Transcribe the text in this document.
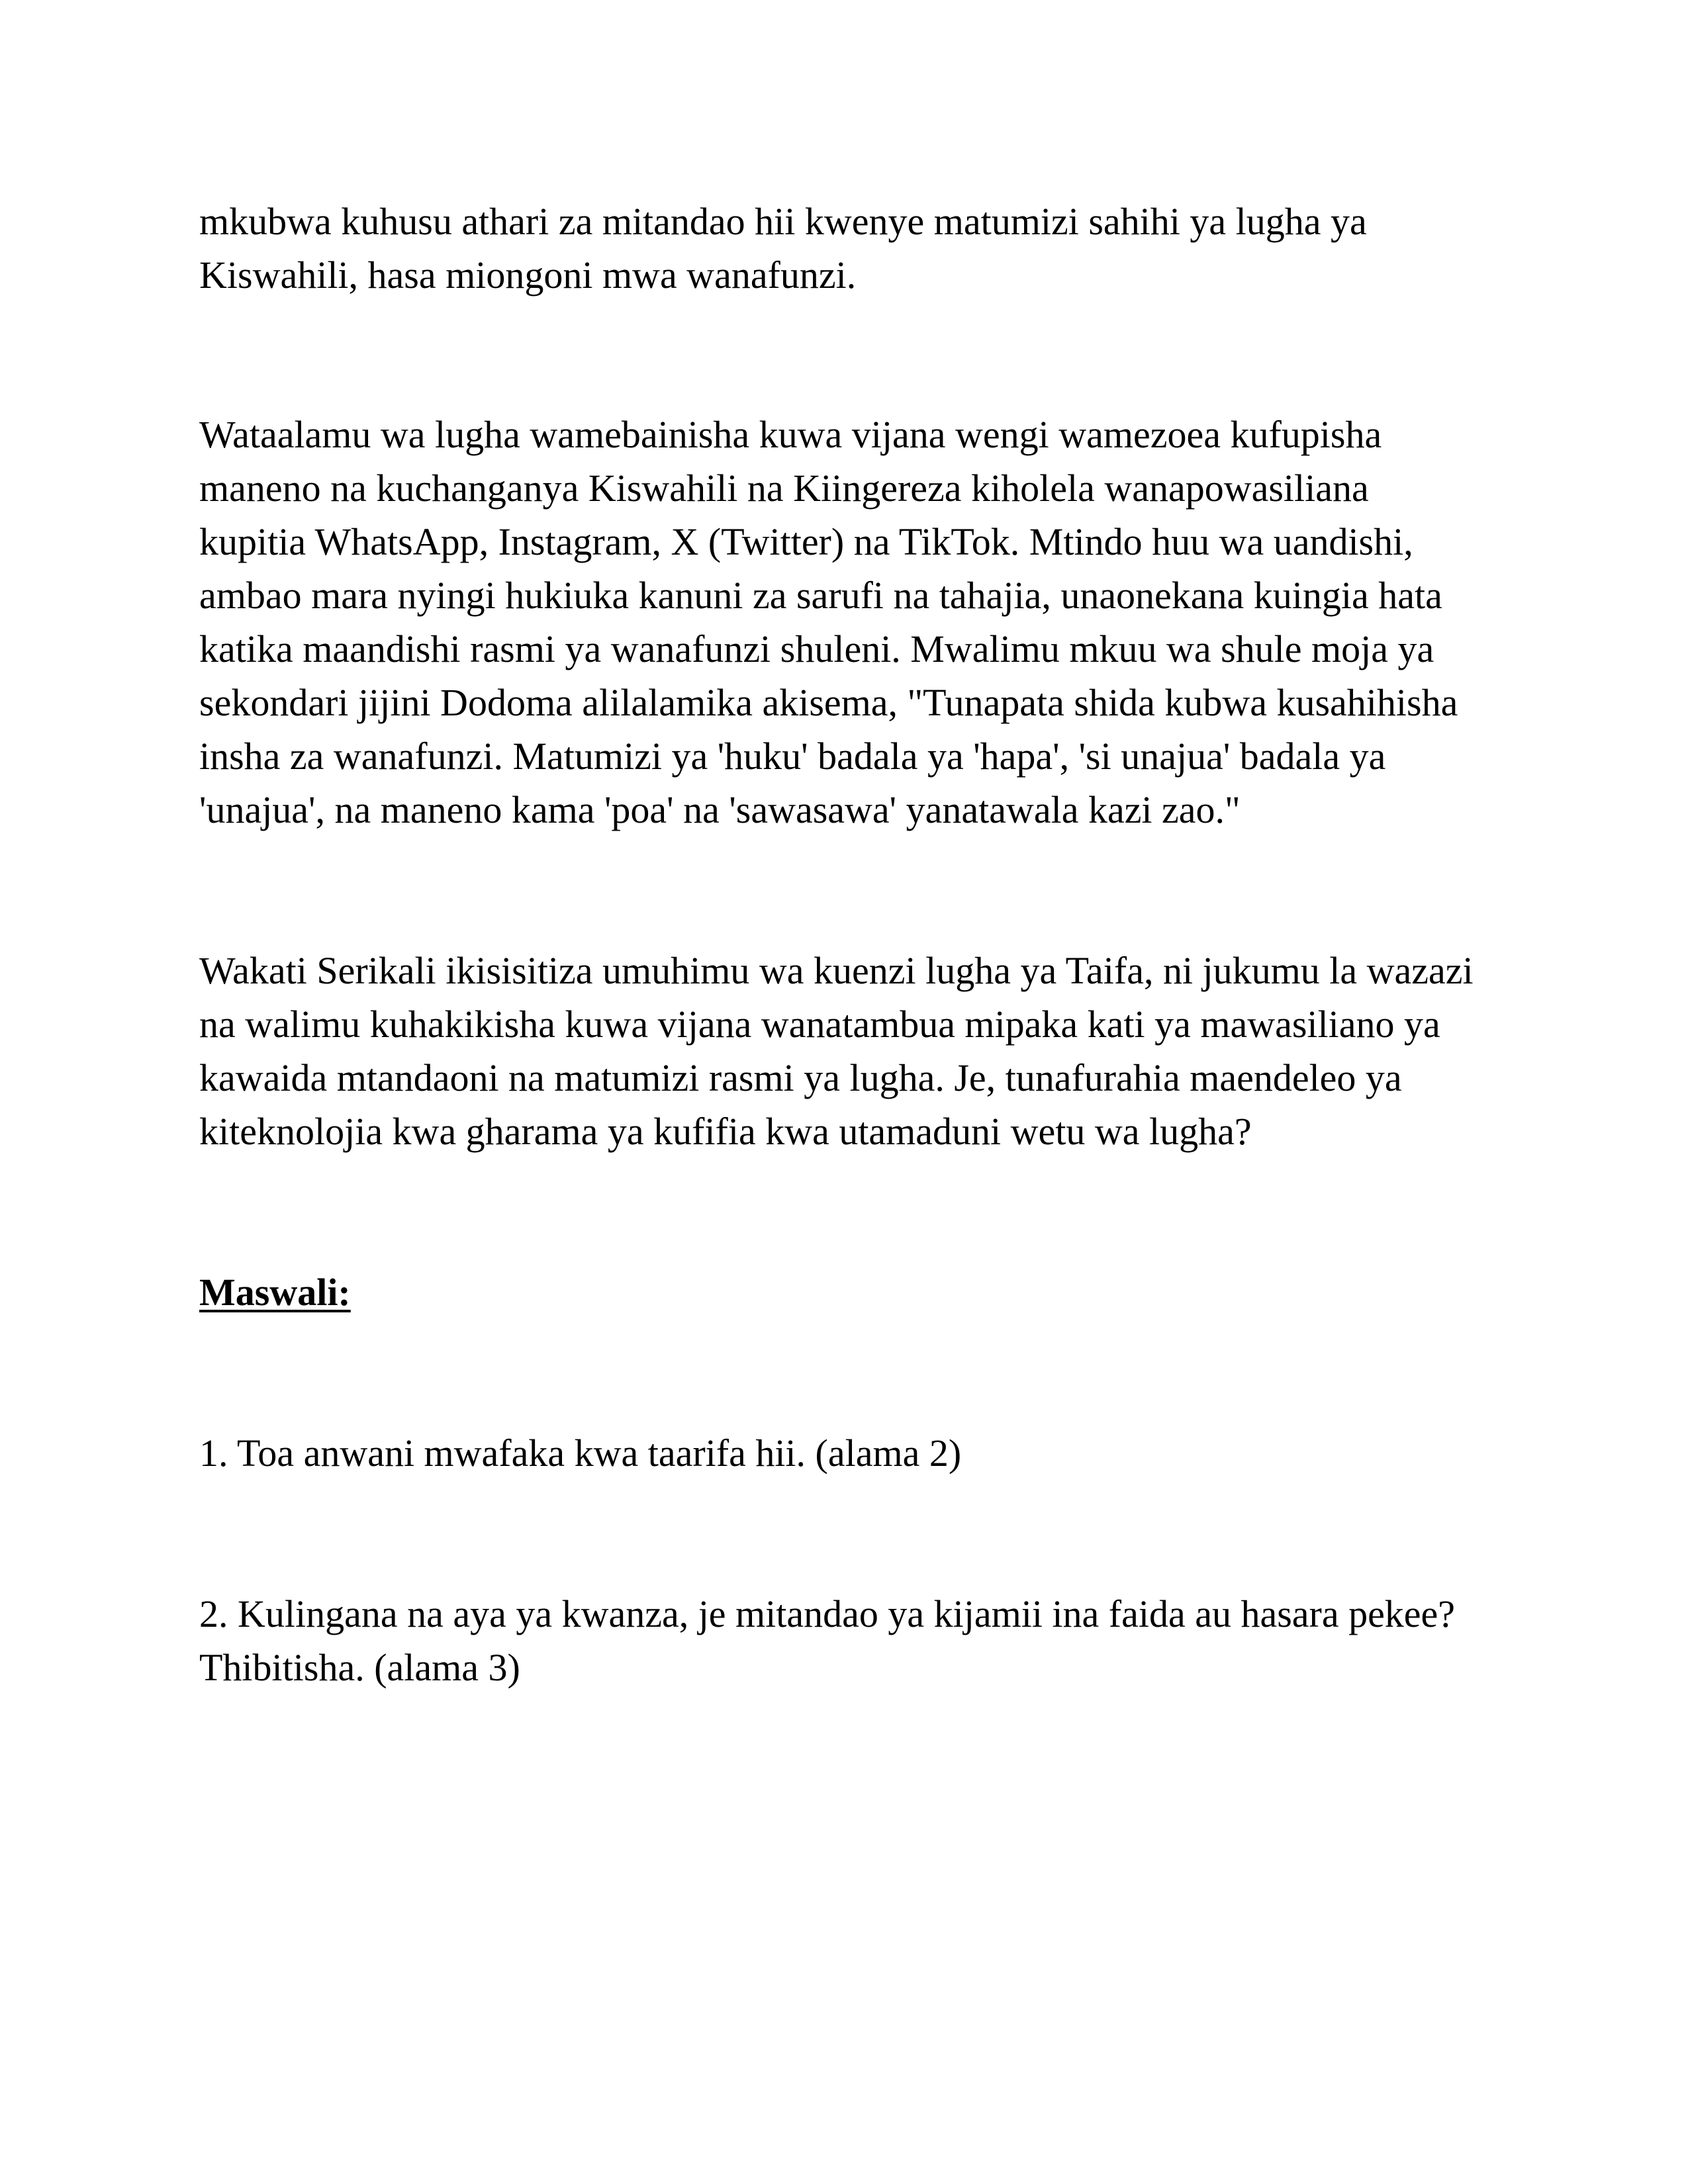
mkubwa kuhusu athari za mitandao hii kwenye matumizi sahihi ya lugha ya
Kiswahili, hasa miongoni mwa wanafunzi.

Wataalamu wa lugha wamebainisha kuwa vijana wengi wamezoea kufupisha
maneno na kuchanganya Kiswahili na Kiingereza kiholela wanapowasiliana
kupitia WhatsApp, Instagram, X (Twitter) na TikTok. Mtindo huu wa uandishi,
ambao mara nyingi hukiuka kanuni za sarufi na tahajia, unaonekana kuingia hata
katika maandishi rasmi ya wanafunzi shuleni. Mwalimu mkuu wa shule moja ya
sekondari jijini Dodoma alilalamika akisema, "Tunapata shida kubwa kusahihisha
insha za wanafunzi. Matumizi ya 'huku' badala ya 'hapa', 'si unajua' badala ya
'unajua', na maneno kama 'poa' na 'sawasawa' yanatawala kazi zao."

Wakati Serikali ikisisitiza umuhimu wa kuenzi lugha ya Taifa, ni jukumu la wazazi
na walimu kuhakikisha kuwa vijana wanatambua mipaka kati ya mawasiliano ya
kawaida mtandaoni na matumizi rasmi ya lugha. Je, tunafurahia maendeleo ya
kiteknolojia kwa gharama ya kufifia kwa utamaduni wetu wa lugha?

Maswali:

1. Toa anwani mwafaka kwa taarifa hii. (alama 2)

2. Kulingana na aya ya kwanza, je mitandao ya kijamii ina faida au hasara pekee?
Thibitisha. (alama 3)
